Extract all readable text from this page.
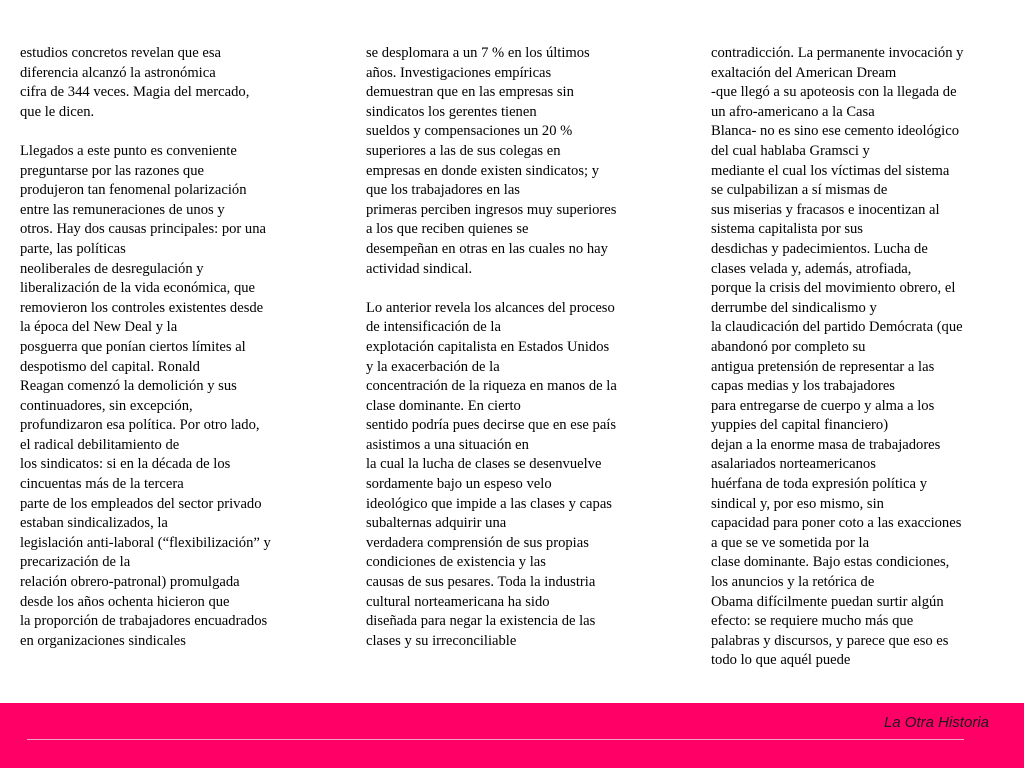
estudios concretos revelan que esa
diferencia alcanzó la astronómica
cifra de 344 veces. Magia del mercado,
que le dicen.
Llegados a este punto es conveniente
preguntarse por las razones que
produjeron tan fenomenal polarización
entre las remuneraciones de unos y
otros. Hay dos causas principales: por una
parte, las políticas
neoliberales de desregulación y
liberalización de la vida económica, que
removieron los controles existentes desde
la época del New Deal y la
posguerra que ponían ciertos límites al
despotismo del capital. Ronald
Reagan comenzó la demolición y sus
continuadores, sin excepción,
profundizaron esa política. Por otro lado,
el radical debilitamiento de
los sindicatos: si en la década de los
cincuentas más de la tercera
parte de los empleados del sector privado
estaban sindicalizados, la
legislación anti-laboral (“flexibilización” y
precarización de la
relación obrero-patronal) promulgada
desde los años ochenta hicieron que
la proporción de trabajadores encuadrados
en organizaciones sindicales
se desplomara a un 7 % en los últimos
años. Investigaciones empíricas
demuestran que en las empresas sin
sindicatos los gerentes tienen
sueldos y compensaciones un 20 %
superiores a las de sus colegas en
empresas en donde existen sindicatos; y
que los trabajadores en las
primeras perciben ingresos muy superiores
a los que reciben quienes se
desempeñan en otras en las cuales no hay
actividad sindical.
Lo anterior revela los alcances del proceso
de intensificación de la
explotación capitalista en Estados Unidos
y la exacerbación de la
concentración de la riqueza en manos de la
clase dominante. En cierto
sentido podría pues decirse que en ese país
asistimos a una situación en
la cual la lucha de clases se desenvuelve
sordamente bajo un espeso velo
ideológico que impide a las clases y capas
subalternas adquirir una
verdadera comprensión de sus propias
condiciones de existencia y las
causas de sus pesares. Toda la industria
cultural norteamericana ha sido
diseñada para negar la existencia de las
clases y su irreconciliable
contradicción. La permanente invocación y
exaltación del American Dream
-que llegó a su apoteosis con la llegada de
un afro-americano a la Casa
Blanca- no es sino ese cemento ideológico
del cual hablaba Gramsci y
mediante el cual los víctimas del sistema
se culpabilizan a sí mismas de
sus miserias y fracasos e inocentizan al
sistema capitalista por sus
desdichas y padecimientos. Lucha de
clases velada y, además, atrofiada,
porque la crisis del movimiento obrero, el
derrumbe del sindicalismo y
la claudicación del partido Demócrata (que
abandonó por completo su
antigua pretensión de representar a las
capas medias y los trabajadores
para entregarse de cuerpo y alma a los
yuppies del capital financiero)
dejan a la enorme masa de trabajadores
asalariados norteamericanos
huérfana de toda expresión política y
sindical y, por eso mismo, sin
capacidad para poner coto a las exacciones
a que se ve sometida por la
clase dominante. Bajo estas condiciones,
los anuncios y la retórica de
Obama difícilmente puedan surtir algún
efecto: se requiere mucho más que
palabras y discursos, y parece que eso es
todo lo que aquél puede
La Otra Historia
